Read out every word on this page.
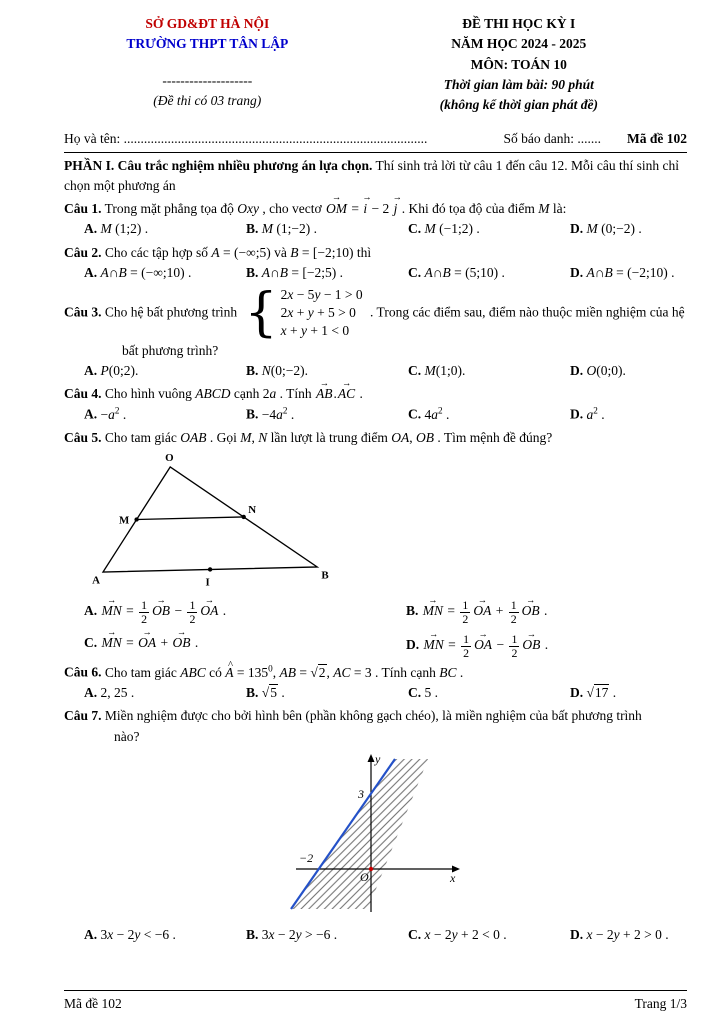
SỞ GD&ĐT HÀ NỘI
TRƯỜNG THPT TÂN LẬP
--------------------
(Đề thi có 03 trang)
ĐỀ THI HỌC KỲ I
NĂM HỌC 2024 - 2025
MÔN: TOÁN 10
Thời gian làm bài: 90 phút
(không kể thời gian phát đề)
Họ và tên: ..........................................................................................	Số báo danh: ....... Mã đề 102

PHẦN I. Câu trắc nghiệm nhiều phương án lựa chọn. Thí sinh trả lời từ câu 1 đến câu 12. Mỗi câu thí sinh chỉ chọn một phương án

Câu 1. Trong mặt phẳng tọa độ Oxy , cho vectơ OM → = i → − 2 j → . Khi đó tọa độ của điểm M là:

A. M (1;2) .	B. M (1;−2) .	C. M (−1;2) .	D. M (0;−2) .

Câu 2. Cho các tập hợp số A = (−∞;5) và B = [−2;10) thì

A. A∩B = (−∞;10) .	B. A∩B = [−2;5) .	C. A∩B = (5;10) .	D. A∩B = (−2;10) .

Câu 3. Cho hệ bất phương trình { 2x − 5y − 1 > 0
2x + y + 5 > 0
x + y + 1 < 0
. Trong các điểm sau, điểm nào thuộc miền nghiệm của hệ

bất phương trình?

A. P(0;2).	B. N(0;−2).	C. M(1;0).	D. O(0;0).

Câu 4. Cho hình vuông ABCD cạnh 2a . Tính AB →.AC → .

A. $-a^2$ .	B. $-4a^2$ .	C. $4a^2$ .	D. $a^2$ .

Câu 5. Cho tam giác OAB . Gọi M, N lần lượt là trung điểm OA, OB . Tìm mệnh đề đúng?

O
M
N
A	B
I
A. MN → = $\frac{1}{2}$ OB → − $\frac{1}{2}$ OA → .	B. MN → = $\frac{1}{2}$ OA → + $\frac{1}{2}$ OB → .
C. MN → = OA → + OB → .	D. MN → = $\frac{1}{2}$ OA → − $\frac{1}{2}$ OB → .

Câu 6. Cho tam giác ABC có A ^ = $135^0$, AB = √2, AC = 3 . Tính cạnh BC .

A. 2, 25 .	B. √5 .	C. 5 .	D. √17 .

Câu 7. Miền nghiệm được cho bởi hình bên (phần không gạch chéo), là miền nghiệm của bất phương trình

nào?

y
x
O
3
−2
A. 3x − 2y < −6 .	B. 3x − 2y > −6 .	C. x − 2y + 2 < 0 .	D. x − 2y + 2 > 0 .
Mã đề 102	Trang 1/3
